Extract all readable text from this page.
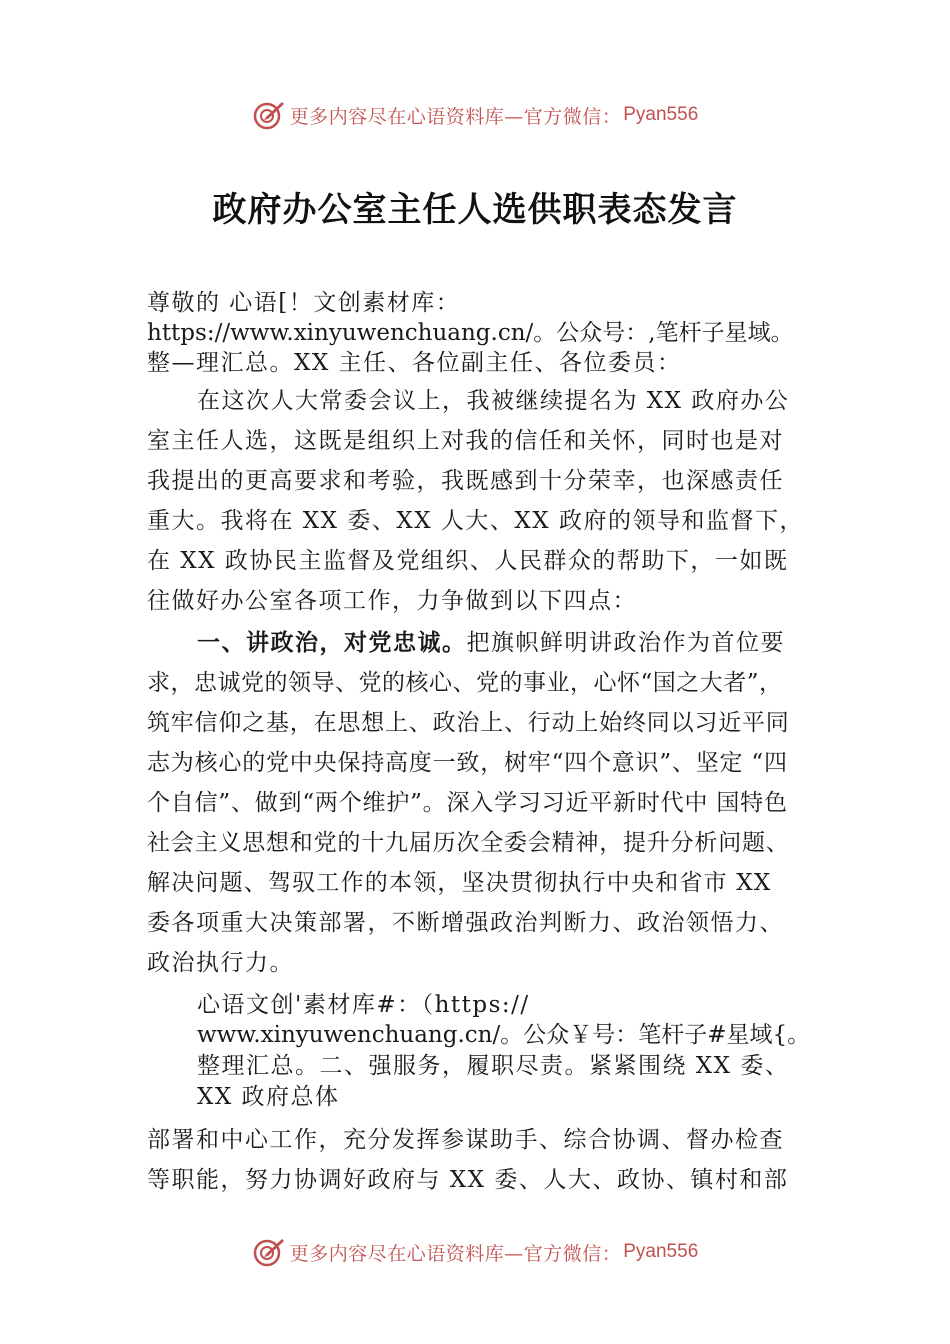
更多内容尽在心语资料库—官方微信： Pyan556
政府办公室主任人选供职表态发言
尊敬的 心语[！文创素材库：
https://www.xinyuwenchuang.cn/。公众号：,笔杆子星域。
整—理汇总。XX 主任、各位副主任、各位委员：
在这次人大常委会议上，我被继续提名为 XX 政府办公
室主任人选，这既是组织上对我的信任和关怀，同时也是对
我提出的更高要求和考验，我既感到十分荣幸，也深感责任
重大。我将在 XX 委、XX 人大、XX 政府的领导和监督下，
在 XX 政协民主监督及党组织、人民群众的帮助下，一如既
往做好办公室各项工作，力争做到以下四点：
一、讲政治，对党忠诚。把旗帜鲜明讲政治作为首位要
求，忠诚党的领导、党的核心、党的事业，心怀“国之大者”，
筑牢信仰之基，在思想上、政治上、行动上始终同以习近平同
志为核心的党中央保持高度一致，树牢“四个意识”、坚定 “四
个自信”、做到“两个维护”。深入学习习近平新时代中 国特色
社会主义思想和党的十九届历次全委会精神，提升分析问题、
解决问题、驾驭工作的本领，坚决贯彻执行中央和省市 XX
委各项重大决策部署，不断增强政治判断力、政治领悟力、
政治执行力。
心语文创'素材库#：（https://
www.xinyuwenchuang.cn/。公众￥号：笔杆子#星域{。
整理汇总。二、强服务，履职尽责。紧紧围绕 XX 委、
XX 政府总体
部署和中心工作，充分发挥参谋助手、综合协调、督办检查
等职能，努力协调好政府与 XX 委、人大、政协、镇村和部
更多内容尽在心语资料库—官方微信： Pyan556
